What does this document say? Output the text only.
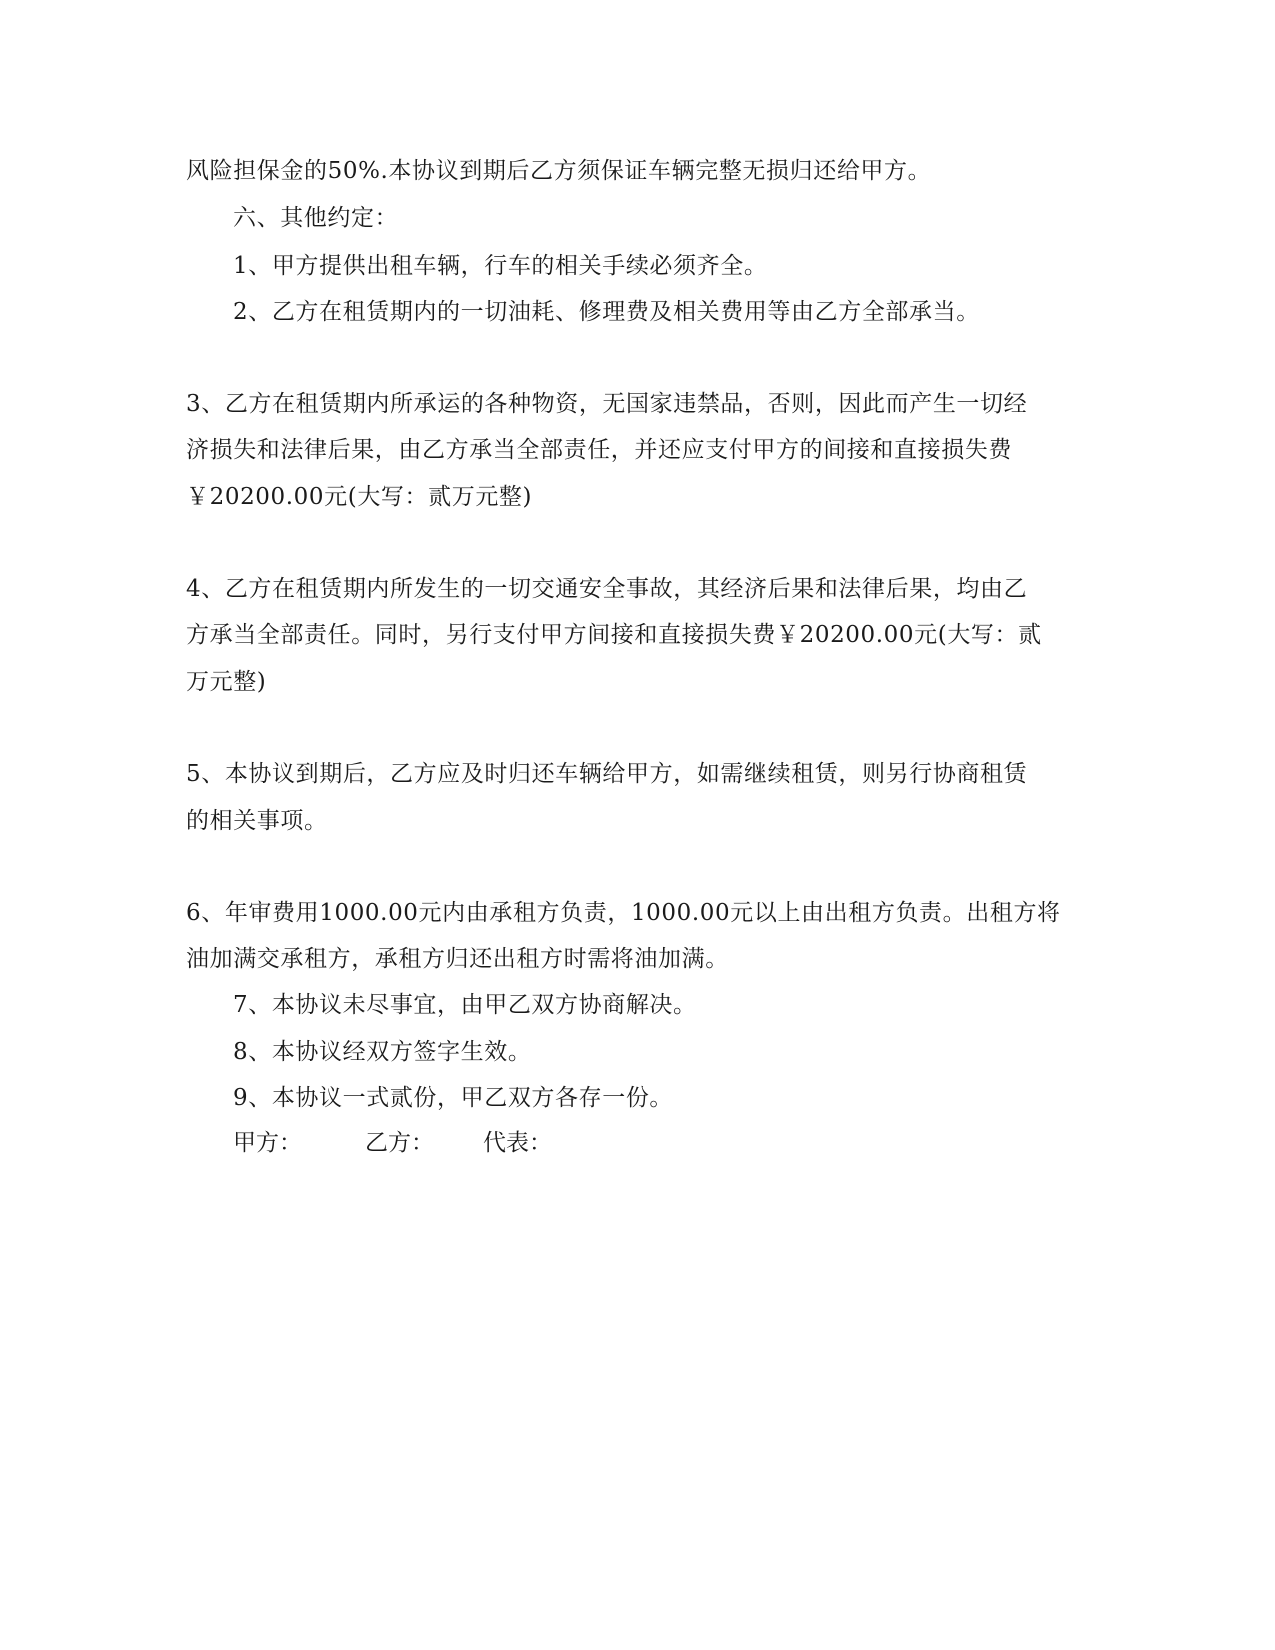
风险担保金的50%.本协议到期后乙方须保证车辆完整无损归还给甲方。
六、其他约定：
1、甲方提供出租车辆，行车的相关手续必须齐全。
2、乙方在租赁期内的一切油耗、修理费及相关费用等由乙方全部承当。
3、乙方在租赁期内所承运的各种物资，无国家违禁品，否则，因此而产生一切经
济损失和法律后果，由乙方承当全部责任，并还应支付甲方的间接和直接损失费
￥20200.00元(大写：贰万元整)
4、乙方在租赁期内所发生的一切交通安全事故，其经济后果和法律后果，均由乙
方承当全部责任。同时，另行支付甲方间接和直接损失费￥20200.00元(大写：贰
万元整)
5、本协议到期后，乙方应及时归还车辆给甲方，如需继续租赁，则另行协商租赁
的相关事项。
6、年审费用1000.00元内由承租方负责，1000.00元以上由出租方负责。出租方将
油加满交承租方，承租方归还出租方时需将油加满。
7、本协议未尽事宜，由甲乙双方协商解决。
8、本协议经双方签字生效。
9、本协议一式贰份，甲乙双方各存一份。
甲方：	乙方： 代表：
